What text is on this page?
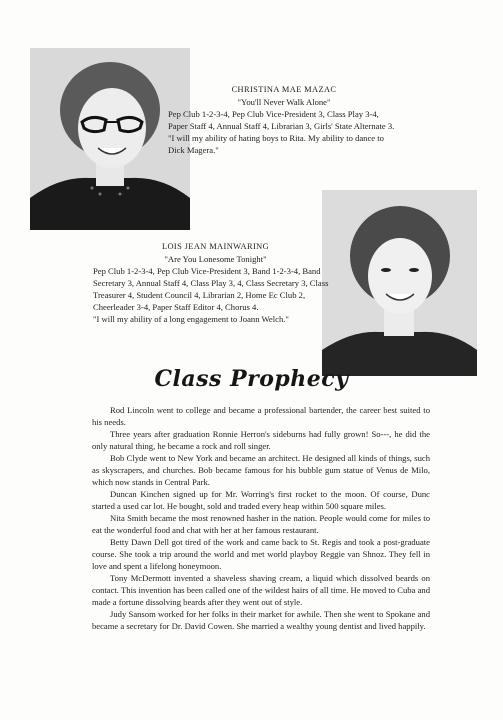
CHRISTINA MAE MAZAC
"You'll Never Walk Alone"
Pep Club 1-2-3-4, Pep Club Vice-President 3, Class Play 3-4, Paper Staff 4, Annual Staff 4, Librarian 3, Girls' State Alternate 3.
"I will my ability of hating boys to Rita. My ability to dance to Dick Magera."
LOIS JEAN MAINWARING
"Are You Lonesome Tonight"
Pep Club 1-2-3-4, Pep Club Vice-President 3, Band 1-2-3-4, Band Secretary 3, Annual Staff 4, Class Play 3, 4, Class Secretary 3, Class Treasurer 4, Student Council 4, Librarian 2, Home Ec Club 2, Cheerleader 3-4, Paper Staff Editor 4, Chorus 4.
"I will my ability of a long engagement to Joann Welch."
Class Prophecy

Rod Lincoln went to college and became a professional bartender, the career best suited to his needs.

Three years after graduation Ronnie Herron's sideburns had fully grown! So---, he did the only natural thing, he became a rock and roll singer.

Bob Clyde went to New York and became an architect. He designed all kinds of things, such as skyscrapers, and churches. Bob became famous for his bubble gum statue of Venus de Milo, which now stands in Central Park.

Duncan Kinchen signed up for Mr. Worring's first rocket to the moon. Of course, Dunc started a used car lot. He bought, sold and traded every heap within 500 square miles.

Nita Smith became the most renowned hasher in the nation. People would come for miles to eat the wonderful food and chat with her at her famous restaurant.

Betty Dawn Dell got tired of the work and came back to St. Regis and took a post-graduate course. She took a trip around the world and met world playboy Reggie van Shnoz. They fell in love and spent a lifelong honeymoon.

Tony McDermott invented a shaveless shaving cream, a liquid which dissolved beards on contact. This invention has been called one of the wildest hairs of all time. He moved to Cuba and made a fortune dissolving beards after they went out of style.

Judy Sansom worked for her folks in their market for awhile. Then she went to Spokane and became a secretary for Dr. David Cowen. She married a wealthy young dentist and lived happily.
